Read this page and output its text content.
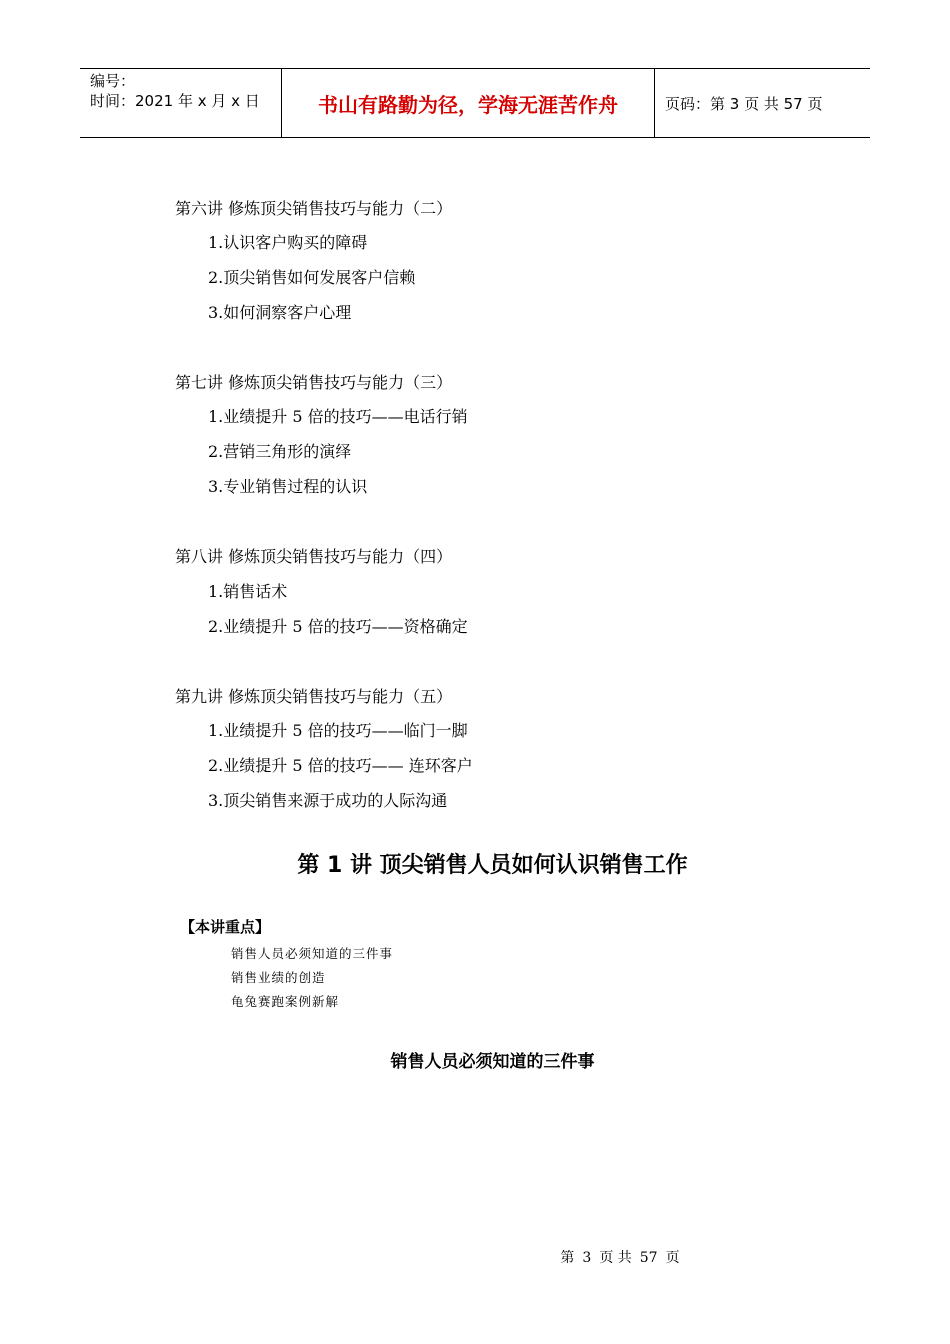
编号：
时间：2021 年 x 月 x 日	书山有路勤为径，学海无涯苦作舟	页码：第 3 页 共 57 页
第六讲 修炼顶尖销售技巧与能力（二）
1.认识客户购买的障碍
2.顶尖销售如何发展客户信赖
3.如何洞察客户心理
第七讲 修炼顶尖销售技巧与能力（三）
1.业绩提升 5 倍的技巧——电话行销
2.营销三角形的演绎
3.专业销售过程的认识
第八讲 修炼顶尖销售技巧与能力（四）
1.销售话术
2.业绩提升 5 倍的技巧——资格确定
第九讲 修炼顶尖销售技巧与能力（五）
1.业绩提升 5 倍的技巧——临门一脚
2.业绩提升 5 倍的技巧—— 连环客户
3.顶尖销售来源于成功的人际沟通
第 1 讲 顶尖销售人员如何认识销售工作
【本讲重点】
销售人员必须知道的三件事
销售业绩的创造
龟兔赛跑案例新解
销售人员必须知道的三件事
第 3 页 共 57 页
